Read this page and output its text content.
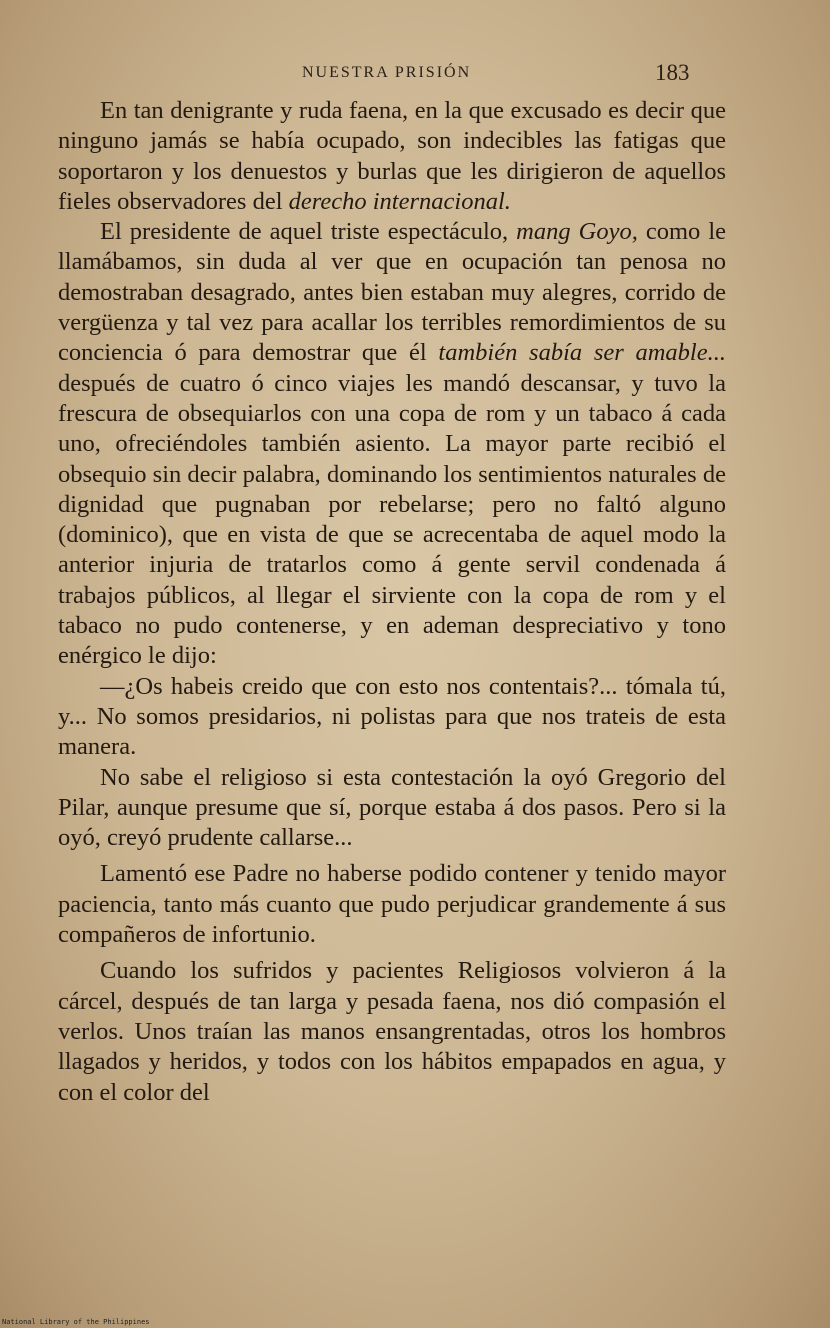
NUESTRA PRISIÓN	183

En tan denigrante y ruda faena, en la que excusado es decir que ninguno jamás se había ocupado, son indecibles las fatigas que soportaron y los denuestos y burlas que les dirigieron de aquellos fieles observadores del derecho internacional.

El presidente de aquel triste espectáculo, mang Goyo, como le llamábamos, sin duda al ver que en ocupación tan penosa no demostraban desagrado, antes bien estaban muy alegres, corrido de vergüenza y tal vez para acallar los terribles remordimientos de su conciencia ó para demostrar que él también sabía ser amable... después de cuatro ó cinco viajes les mandó descansar, y tuvo la frescura de obsequiarlos con una copa de rom y un tabaco á cada uno, ofreciéndoles también asiento. La mayor parte recibió el obsequio sin decir palabra, dominando los sentimientos naturales de dignidad que pugnaban por rebelarse; pero no faltó alguno (dominico), que en vista de que se acrecentaba de aquel modo la anterior injuria de tratarlos como á gente servil condenada á trabajos públicos, al llegar el sirviente con la copa de rom y el tabaco no pudo contenerse, y en ademan despreciativo y tono enérgico le dijo:

—¿Os habeis creido que con esto nos contentais?... tómala tú, y... No somos presidarios, ni polistas para que nos trateis de esta manera.

No sabe el religioso si esta contestación la oyó Gregorio del Pilar, aunque presume que sí, porque estaba á dos pasos. Pero si la oyó, creyó prudente callarse...

Lamentó ese Padre no haberse podido contener y tenido mayor paciencia, tanto más cuanto que pudo perjudicar grandemente á sus compañeros de infortunio.

Cuando los sufridos y pacientes Religiosos volvieron á la cárcel, después de tan larga y pesada faena, nos dió compasión el verlos. Unos traían las manos ensangrentadas, otros los hombros llagados y heridos, y todos con los hábitos empapados en agua, y con el color del

National Library of the Philippines
